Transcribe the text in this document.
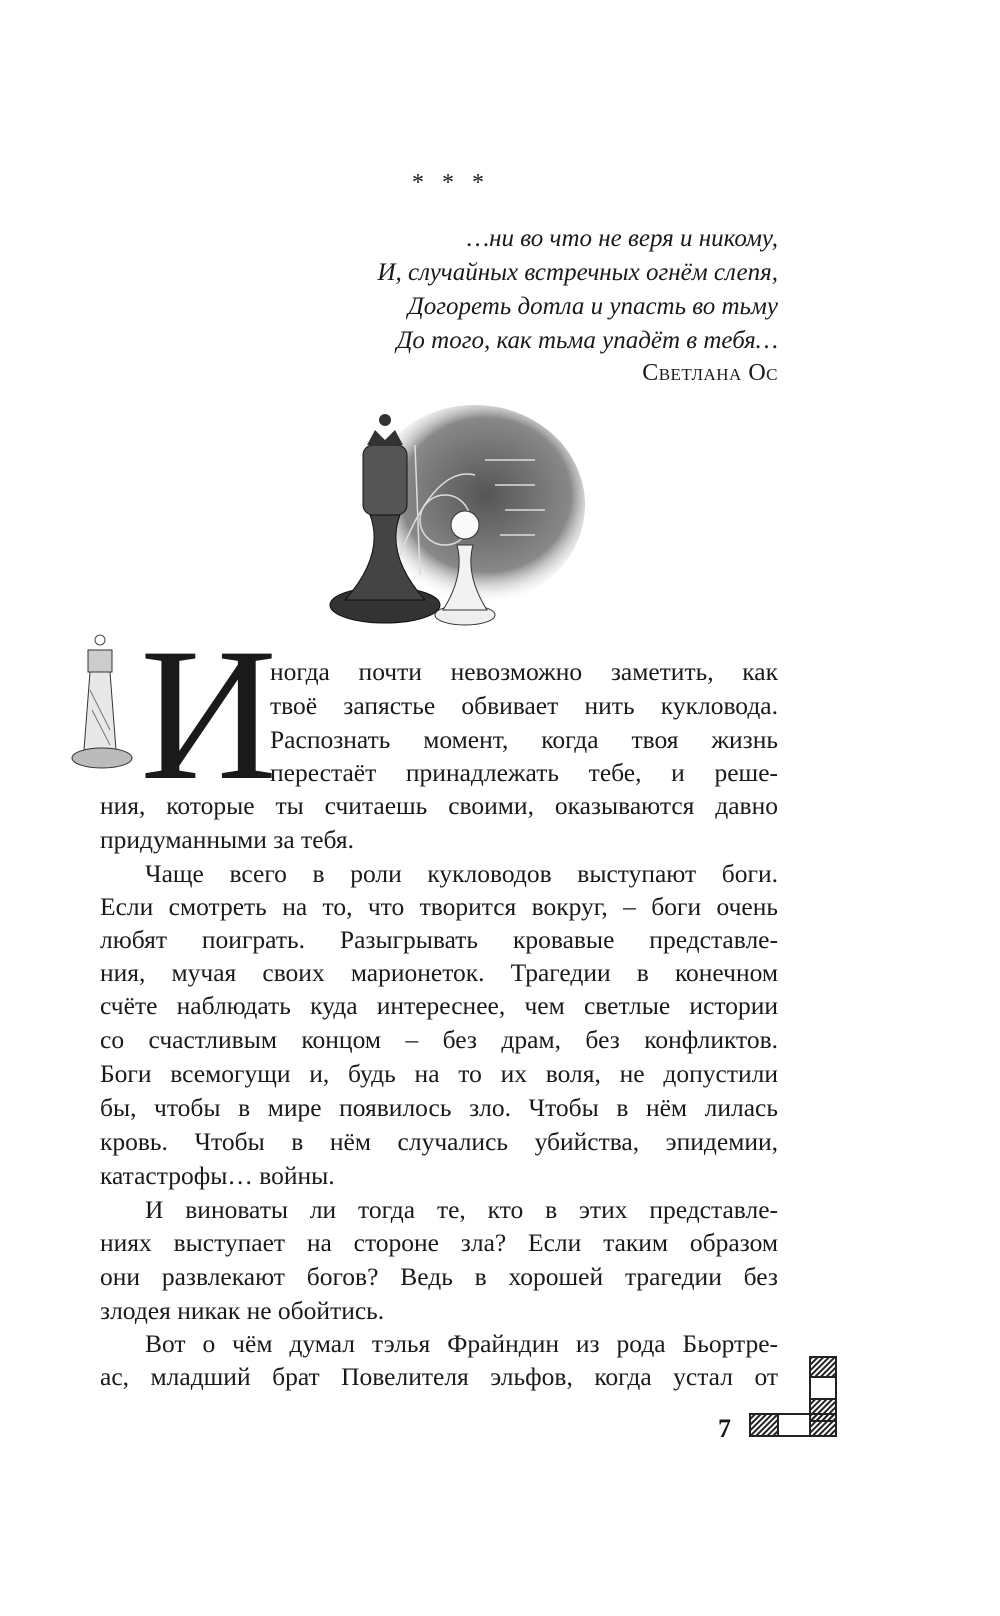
* * *
…ни во что не веря и никому,
И, случайных встречных огнём слепя,
Догореть дотла и упасть во тьму
До того, как тьма упадёт в тебя…
Светлана Ос
И
ногда почти невозможно заметить, как
твоё запястье обвивает нить кукловода.
Распознать момент, когда твоя жизнь
перестаёт принадлежать тебе, и реше-
ния, которые ты считаешь своими, оказываются давно
придуманными за тебя.
Чаще всего в роли кукловодов выступают боги.
Если смотреть на то, что творится вокруг, – боги очень
любят поиграть. Разыгрывать кровавые представле-
ния, мучая своих марионеток. Трагедии в конечном
счёте наблюдать куда интереснее, чем светлые истории
со счастливым концом – без драм, без конфликтов.
Боги всемогущи и, будь на то их воля, не допустили
бы, чтобы в мире появилось зло. Чтобы в нём лилась
кровь. Чтобы в нём случались убийства, эпидемии,
катастрофы… войны.
И виноваты ли тогда те, кто в этих представле-
ниях выступает на стороне зла? Если таким образом
они развлекают богов? Ведь в хорошей трагедии без
злодея никак не обойтись.
Вот о чём думал тэлья Фрайндин из рода Бьортре-
ас, младший брат Повелителя эльфов, когда устал от
7
